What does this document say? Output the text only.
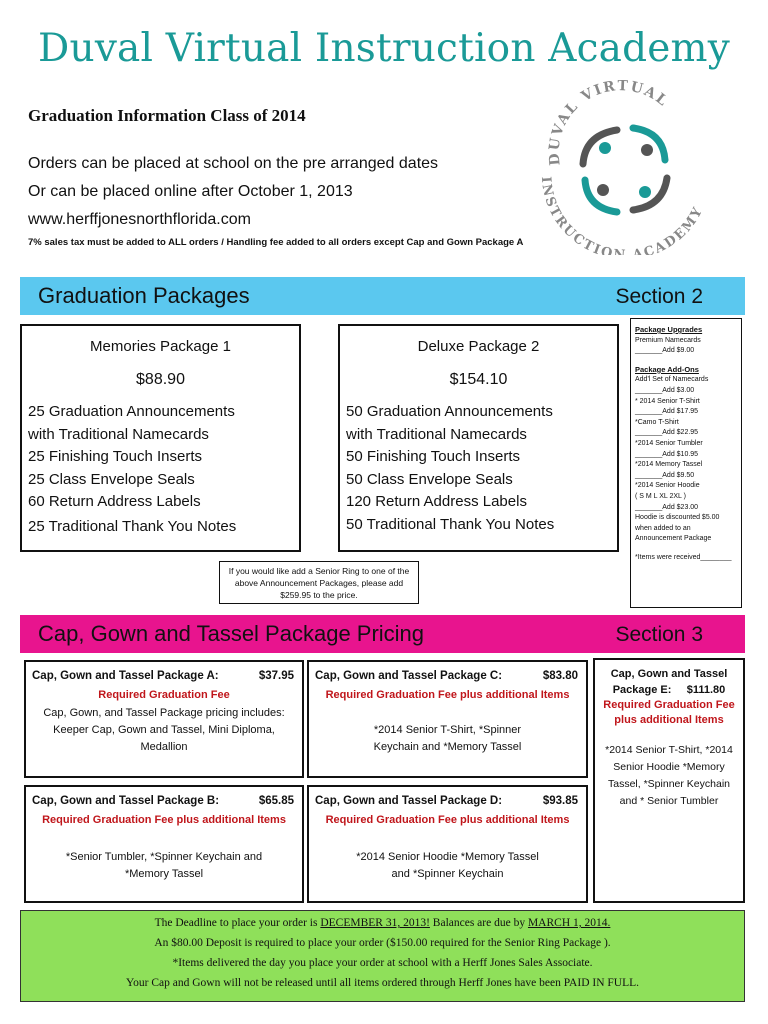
Duval Virtual Instruction Academy
Graduation Information Class of 2014
Orders can be placed at school on the pre arranged dates
Or can be placed online after October 1, 2013
www.herffjonesnorthflorida.com
7% sales tax must be added to ALL orders / Handling fee added to all orders except Cap and Gown Package A
DUVAL VIRTUAL
INSTRUCTIO ACADEMY
Graduation Packages	Section 2
Memories Package 1
$88.90
25 Graduation Announcements
with Traditional Namecards
25 Finishing Touch Inserts
25 Class Envelope Seals
60 Return Address Labels
25 Traditional Thank You Notes
Deluxe Package 2
$154.10
50 Graduation Announcements
with Traditional Namecards
50 Finishing Touch Inserts
50 Class Envelope Seals
120 Return Address Labels
50 Traditional Thank You Notes
If you would like add a Senior Ring to one of the above Announcement Packages, please add $259.95 to the price.
Package Upgrades
Premium Namecards
_______Add $9.00
Package Add-Ons
Add'l Set of Namecards
_______Add $3.00
* 2014 Senior T-Shirt
_______Add $17.95
*Camo T-Shirt
_______Add $22.95
*2014 Senior Tumbler
_______Add $10.95
*2014 Memory Tassel
_______Add $9.50
*2014 Senior Hoodie
( S M L XL 2XL )
_______Add $23.00
Hoodie is discounted $5.00 when added to an Announcement Package
*Items were received________
Cap, Gown and Tassel Package Pricing	Section 3
Cap, Gown and Tassel Package A:	$37.95
Required Graduation Fee
Cap, Gown, and Tassel Package pricing includes: Keeper Cap, Gown and Tassel, Mini Diploma, Medallion
Cap, Gown and Tassel Package C:	$83.80
Required Graduation Fee plus additional Items
*2014 Senior T-Shirt, *Spinner Keychain and *Memory Tassel
Cap, Gown and Tassel Package B:	$65.85
Required Graduation Fee plus additional Items
*Senior Tumbler, *Spinner Keychain and *Memory Tassel
Cap, Gown and Tassel Package D:	$93.85
Required Graduation Fee plus additional Items
*2014 Senior Hoodie *Memory Tassel and *Spinner Keychain
Cap, Gown and Tassel
Package E: $111.80
Required Graduation Fee plus additional Items
*2014 Senior T-Shirt, *2014 Senior Hoodie *Memory Tassel, *Spinner Keychain and * Senior Tumbler
The Deadline to place your order is DECEMBER 31, 2013! Balances are due by MARCH 1, 2014.
An $80.00 Deposit is required to place your order ($150.00 required for the Senior Ring Package ).
*Items delivered the day you place your order at school with a Herff Jones Sales Associate.
Your Cap and Gown will not be released until all items ordered through Herff Jones have been PAID IN FULL.
